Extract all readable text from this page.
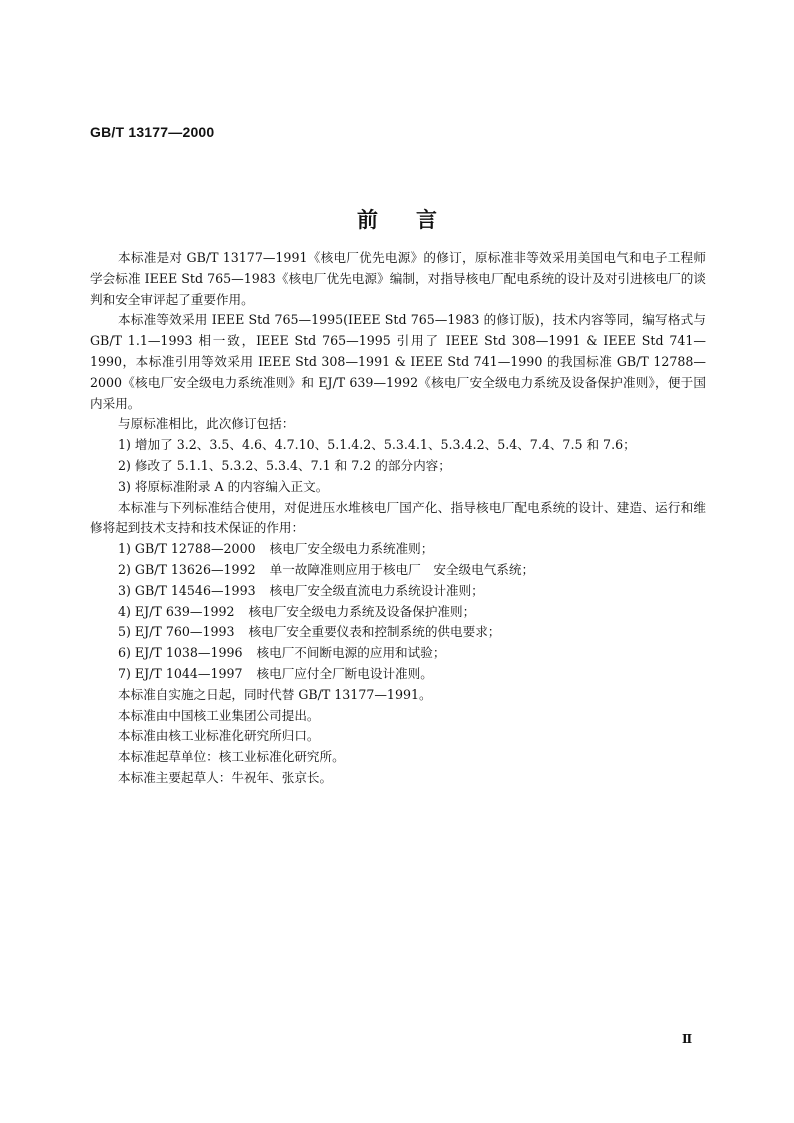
GB/T 13177—2000
前言

本标准是对 GB/T 13177—1991《核电厂优先电源》的修订，原标准非等效采用美国电气和电子工程师学会标准 IEEE Std 765—1983《核电厂优先电源》编制，对指导核电厂配电系统的设计及对引进核电厂的谈判和安全审评起了重要作用。

本标准等效采用 IEEE Std 765—1995(IEEE Std 765—1983 的修订版)，技术内容等同，编写格式与 GB/T 1.1—1993 相一致，IEEE Std 765—1995 引用了 IEEE Std 308—1991 & IEEE Std 741—1990，本标准引用等效采用 IEEE Std 308—1991 & IEEE Std 741—1990 的我国标准 GB/T 12788—2000《核电厂安全级电力系统准则》和 EJ/T 639—1992《核电厂安全级电力系统及设备保护准则》，便于国内采用。

与原标准相比，此次修订包括：

1) 增加了 3.2、3.5、4.6、4.7.10、5.1.4.2、5.3.4.1、5.3.4.2、5.4、7.4、7.5 和 7.6；

2) 修改了 5.1.1、5.3.2、5.3.4、7.1 和 7.2 的部分内容；

3) 将原标准附录 A 的内容编入正文。

本标准与下列标准结合使用，对促进压水堆核电厂国产化、指导核电厂配电系统的设计、建造、运行和维修将起到技术支持和技术保证的作用：

1) GB/T 12788—2000 核电厂安全级电力系统准则；

2) GB/T 13626—1992 单一故障准则应用于核电厂　安全级电气系统；

3) GB/T 14546—1993 核电厂安全级直流电力系统设计准则；

4) EJ/T 639—1992 核电厂安全级电力系统及设备保护准则；

5) EJ/T 760—1993 核电厂安全重要仪表和控制系统的供电要求；

6) EJ/T 1038—1996 核电厂不间断电源的应用和试验；

7) EJ/T 1044—1997 核电厂应付全厂断电设计准则。

本标准自实施之日起，同时代替 GB/T 13177—1991。

本标准由中国核工业集团公司提出。

本标准由核工业标准化研究所归口。

本标准起草单位：核工业标准化研究所。

本标准主要起草人：牛祝年、张京长。

Ⅱ
